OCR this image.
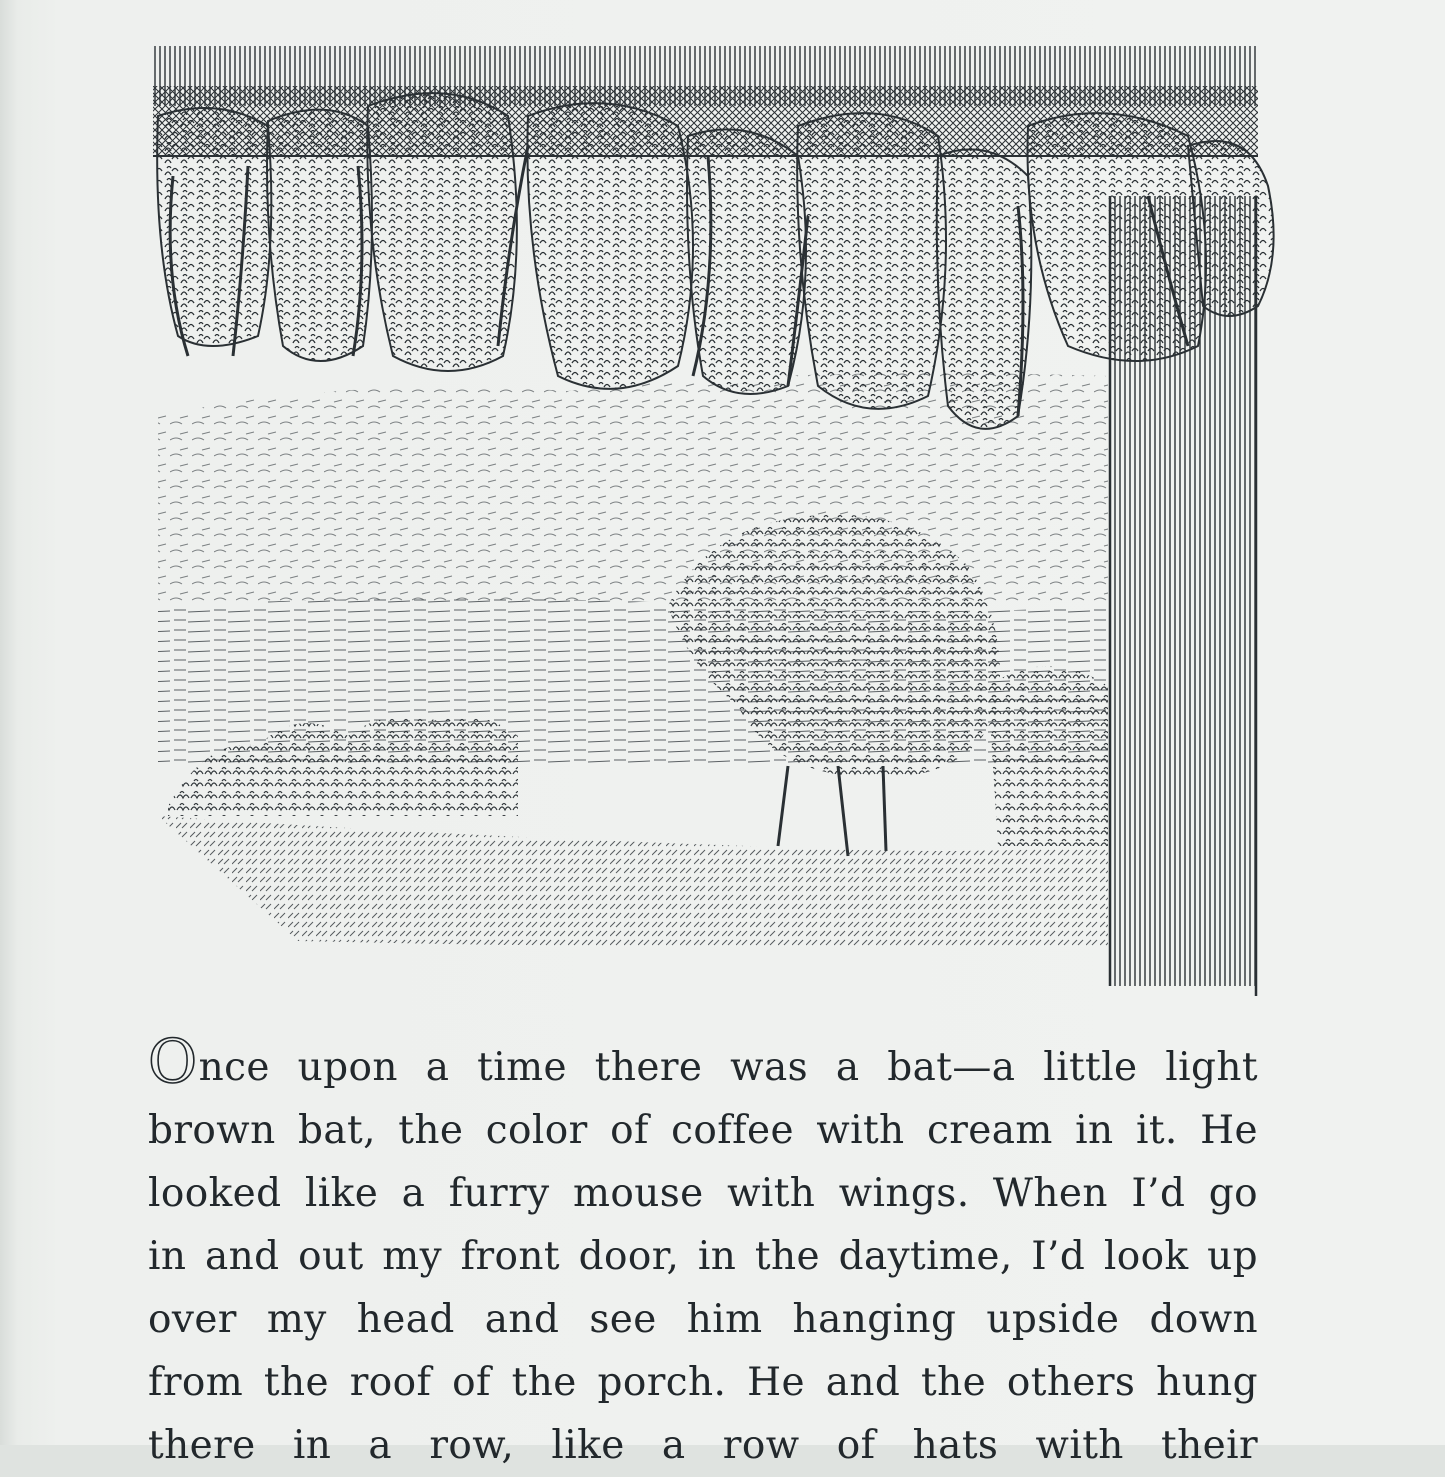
Once upon a time there was a bat—a little light
brown bat, the color of coffee with cream in it. He
looked like a furry mouse with wings. When I’d go
in and out my front door, in the daytime, I’d look up
over my head and see him hanging upside down
from the roof of the porch. He and the others hung
there in a row, like a row of hats with their
